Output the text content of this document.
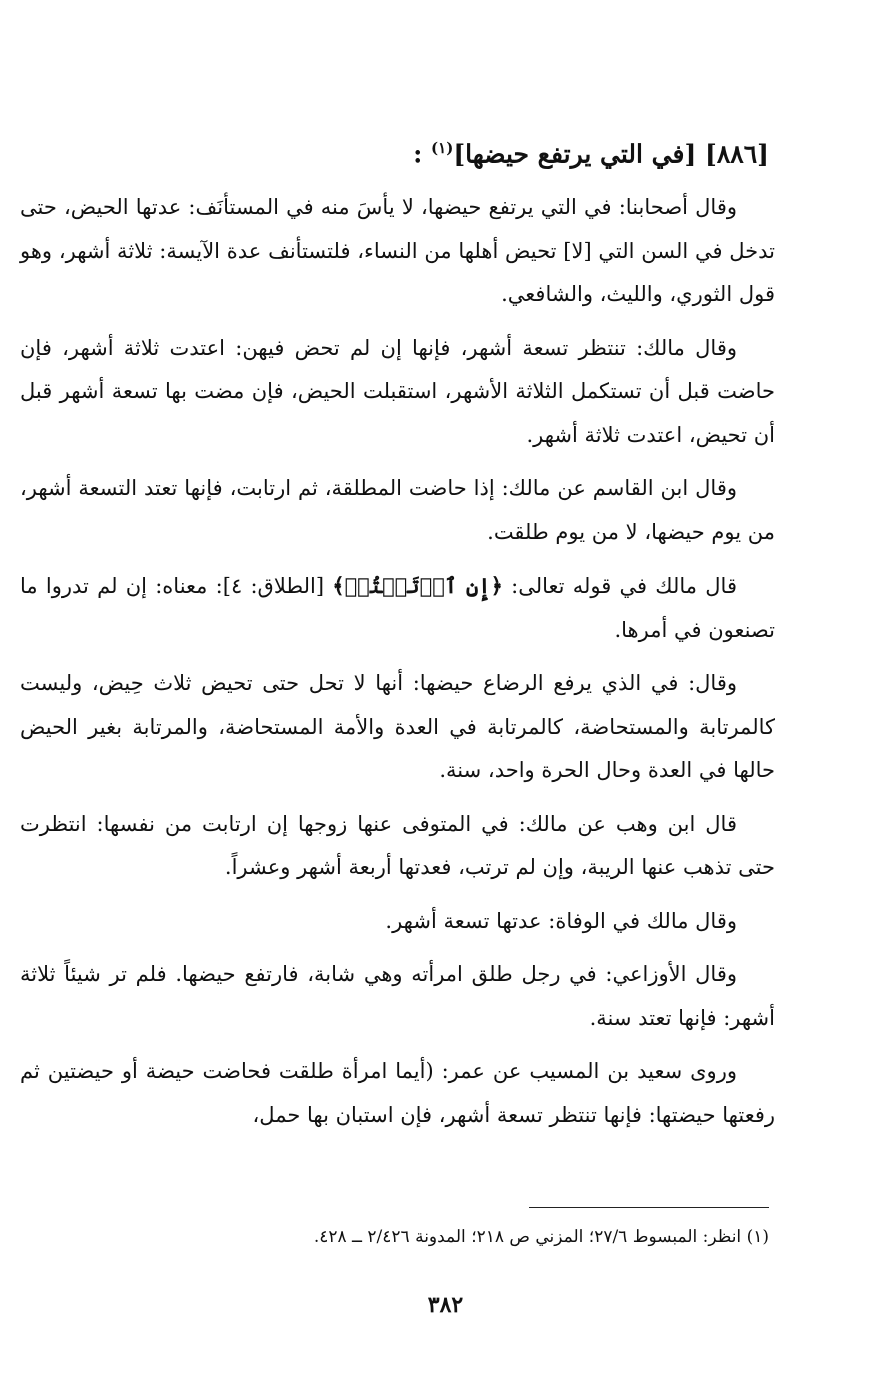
[٨٨٦] [في التي يرتفع حيضها]$^{(١)}$ :

وقال أصحابنا: في التي يرتفع حيضها، لا يأسَ منه في المستأنَف: عدتها الحيض، حتى تدخل في السن التي [لا] تحيض أهلها من النساء، فلتستأنف عدة الآيسة: ثلاثة أشهر، وهو قول الثوري، والليث، والشافعي.

وقال مالك: تنتظر تسعة أشهر، فإنها إن لم تحض فيهن: اعتدت ثلاثة أشهر، فإن حاضت قبل أن تستكمل الثلاثة الأشهر، استقبلت الحيض، فإن مضت بها تسعة أشهر قبل أن تحيض، اعتدت ثلاثة أشهر.

وقال ابن القاسم عن مالك: إذا حاضت المطلقة، ثم ارتابت، فإنها تعتد التسعة أشهر، من يوم حيضها، لا من يوم طلقت.

قال مالك في قوله تعالى: ﴿إِنِ ٱرۡتَبۡتُمۡ﴾ [الطلاق: ٤]: معناه: إن لم تدروا ما تصنعون في أمرها.

وقال: في الذي يرفع الرضاع حيضها: أنها لا تحل حتى تحيض ثلاث حِيض، وليست كالمرتابة والمستحاضة، كالمرتابة في العدة والأمة المستحاضة، والمرتابة بغير الحيض حالها في العدة وحال الحرة واحد، سنة.

قال ابن وهب عن مالك: في المتوفى عنها زوجها إن ارتابت من نفسها: انتظرت حتى تذهب عنها الريبة، وإن لم ترتب، فعدتها أربعة أشهر وعشراً.

وقال مالك في الوفاة: عدتها تسعة أشهر.

وقال الأوزاعي: في رجل طلق امرأته وهي شابة، فارتفع حيضها. فلم تر شيئاً ثلاثة أشهر: فإنها تعتد سنة.

وروى سعيد بن المسيب عن عمر: (أيما امرأة طلقت فحاضت حيضة أو حيضتين ثم رفعتها حيضتها: فإنها تنتظر تسعة أشهر، فإن استبان بها حمل،

(١) انظر: المبسوط ٢٧/٦؛ المزني ص ٢١٨؛ المدونة ٢/٤٢٦ ــ ٤٢٨.
٣٨٢
